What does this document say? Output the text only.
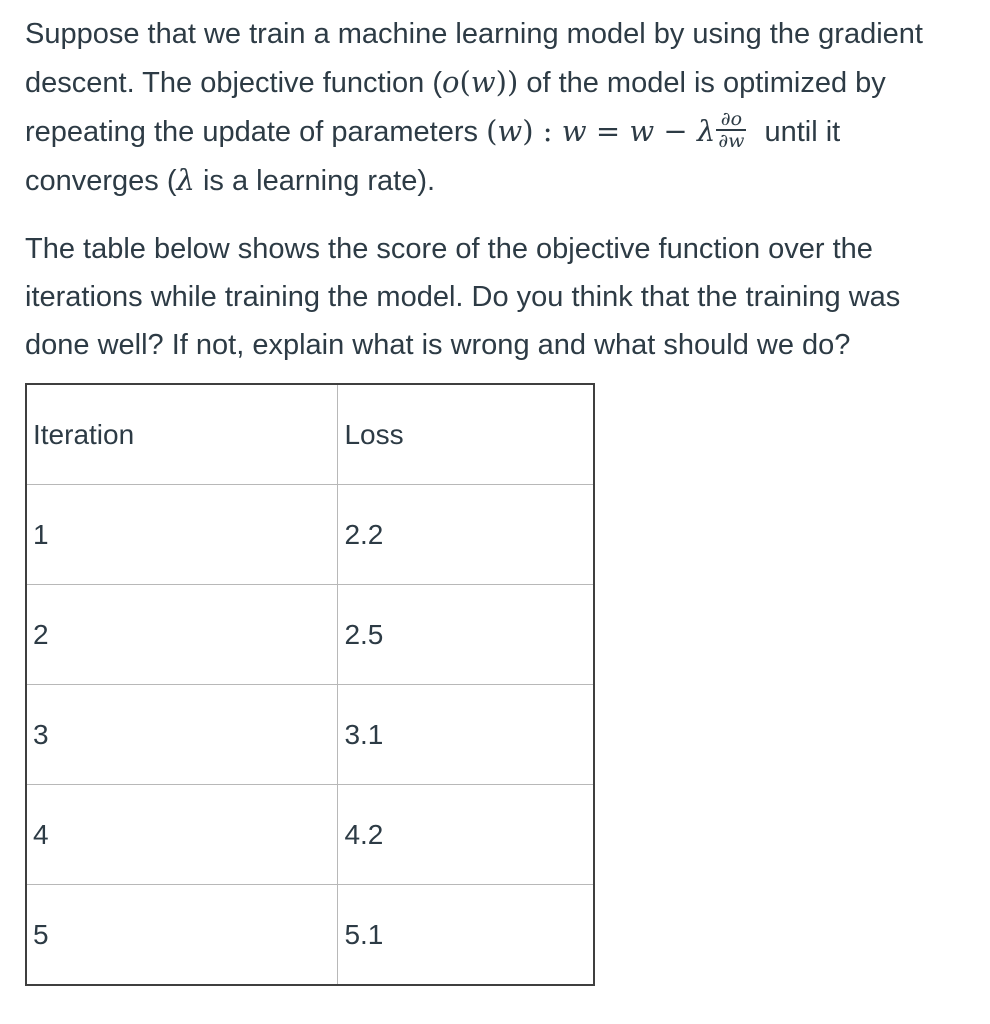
Suppose that we train a machine learning model by using the gradient descent. The objective function (o(w)) of the model is optimized by repeating the update of parameters (w) : w = w − λ $\frac{\partial o}{\partial w}$ until it converges (λ is a learning rate).

The table below shows the score of the objective function over the iterations while training the model. Do you think that the training was done well? If not, explain what is wrong and what should we do?

Iteration	Loss
1	2.2
2	2.5
3	3.1
4	4.2
5	5.1
